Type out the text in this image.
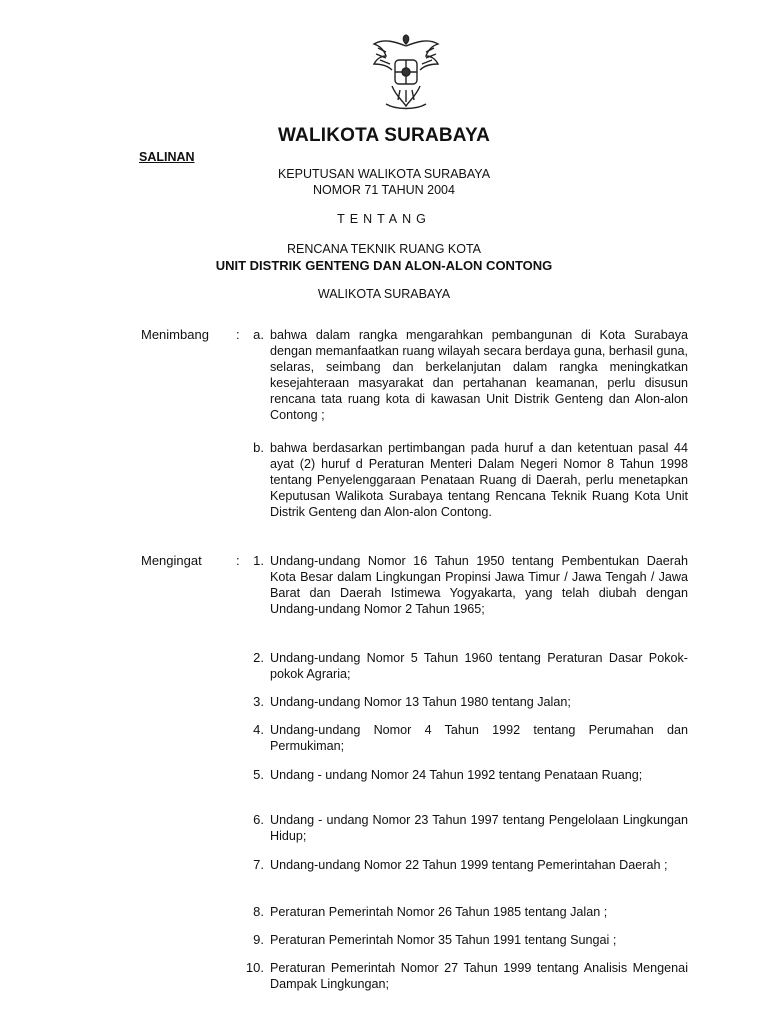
WALIKOTA SURABAYA
SALINAN
KEPUTUSAN WALIKOTA SURABAYA
NOMOR 71 TAHUN 2004
TENTANG
RENCANA TEKNIK RUANG KOTA
UNIT DISTRIK GENTENG DAN ALON-ALON CONTONG
WALIKOTA SURABAYA
Menimbang :	a. bahwa dalam rangka mengarahkan pembangunan di Kota Surabaya dengan memanfaatkan ruang wilayah secara berdaya guna, berhasil guna, selaras, seimbang dan berkelanjutan dalam rangka meningkatkan kesejahteraan masyarakat dan pertahanan keamanan, perlu disusun rencana tata ruang kota di kawasan Unit Distrik Genteng dan Alon-alon Contong ;
b. bahwa berdasarkan pertimbangan pada huruf a dan ketentuan pasal 44 ayat (2) huruf d Peraturan Menteri Dalam Negeri Nomor 8 Tahun 1998 tentang Penyelenggaraan Penataan Ruang di Daerah, perlu menetapkan Keputusan Walikota Surabaya tentang Rencana Teknik Ruang Kota Unit Distrik Genteng dan Alon-alon Contong.
Mengingat	:	1. Undang-undang Nomor 16 Tahun 1950 tentang Pembentukan Daerah Kota Besar dalam Lingkungan Propinsi Jawa Timur / Jawa Tengah / Jawa Barat dan Daerah Istimewa Yogyakarta, yang telah diubah dengan Undang-undang Nomor 2 Tahun 1965;
2. Undang-undang Nomor 5 Tahun 1960 tentang Peraturan Dasar Pokok-pokok Agraria;
3. Undang-undang Nomor 13 Tahun 1980 tentang Jalan;
4. Undang-undang Nomor 4 Tahun 1992 tentang Perumahan dan Permukiman;
5. Undang - undang Nomor 24 Tahun 1992 tentang Penataan Ruang;
6. Undang - undang Nomor 23 Tahun 1997 tentang Pengelolaan Lingkungan Hidup;
7. Undang-undang Nomor 22 Tahun 1999 tentang Pemerintahan Daerah ;
8. Peraturan Pemerintah Nomor 26 Tahun 1985 tentang Jalan ;
9. Peraturan Pemerintah Nomor 35 Tahun 1991 tentang Sungai ;
10. Peraturan Pemerintah Nomor 27 Tahun 1999 tentang Analisis Mengenai Dampak Lingkungan;
